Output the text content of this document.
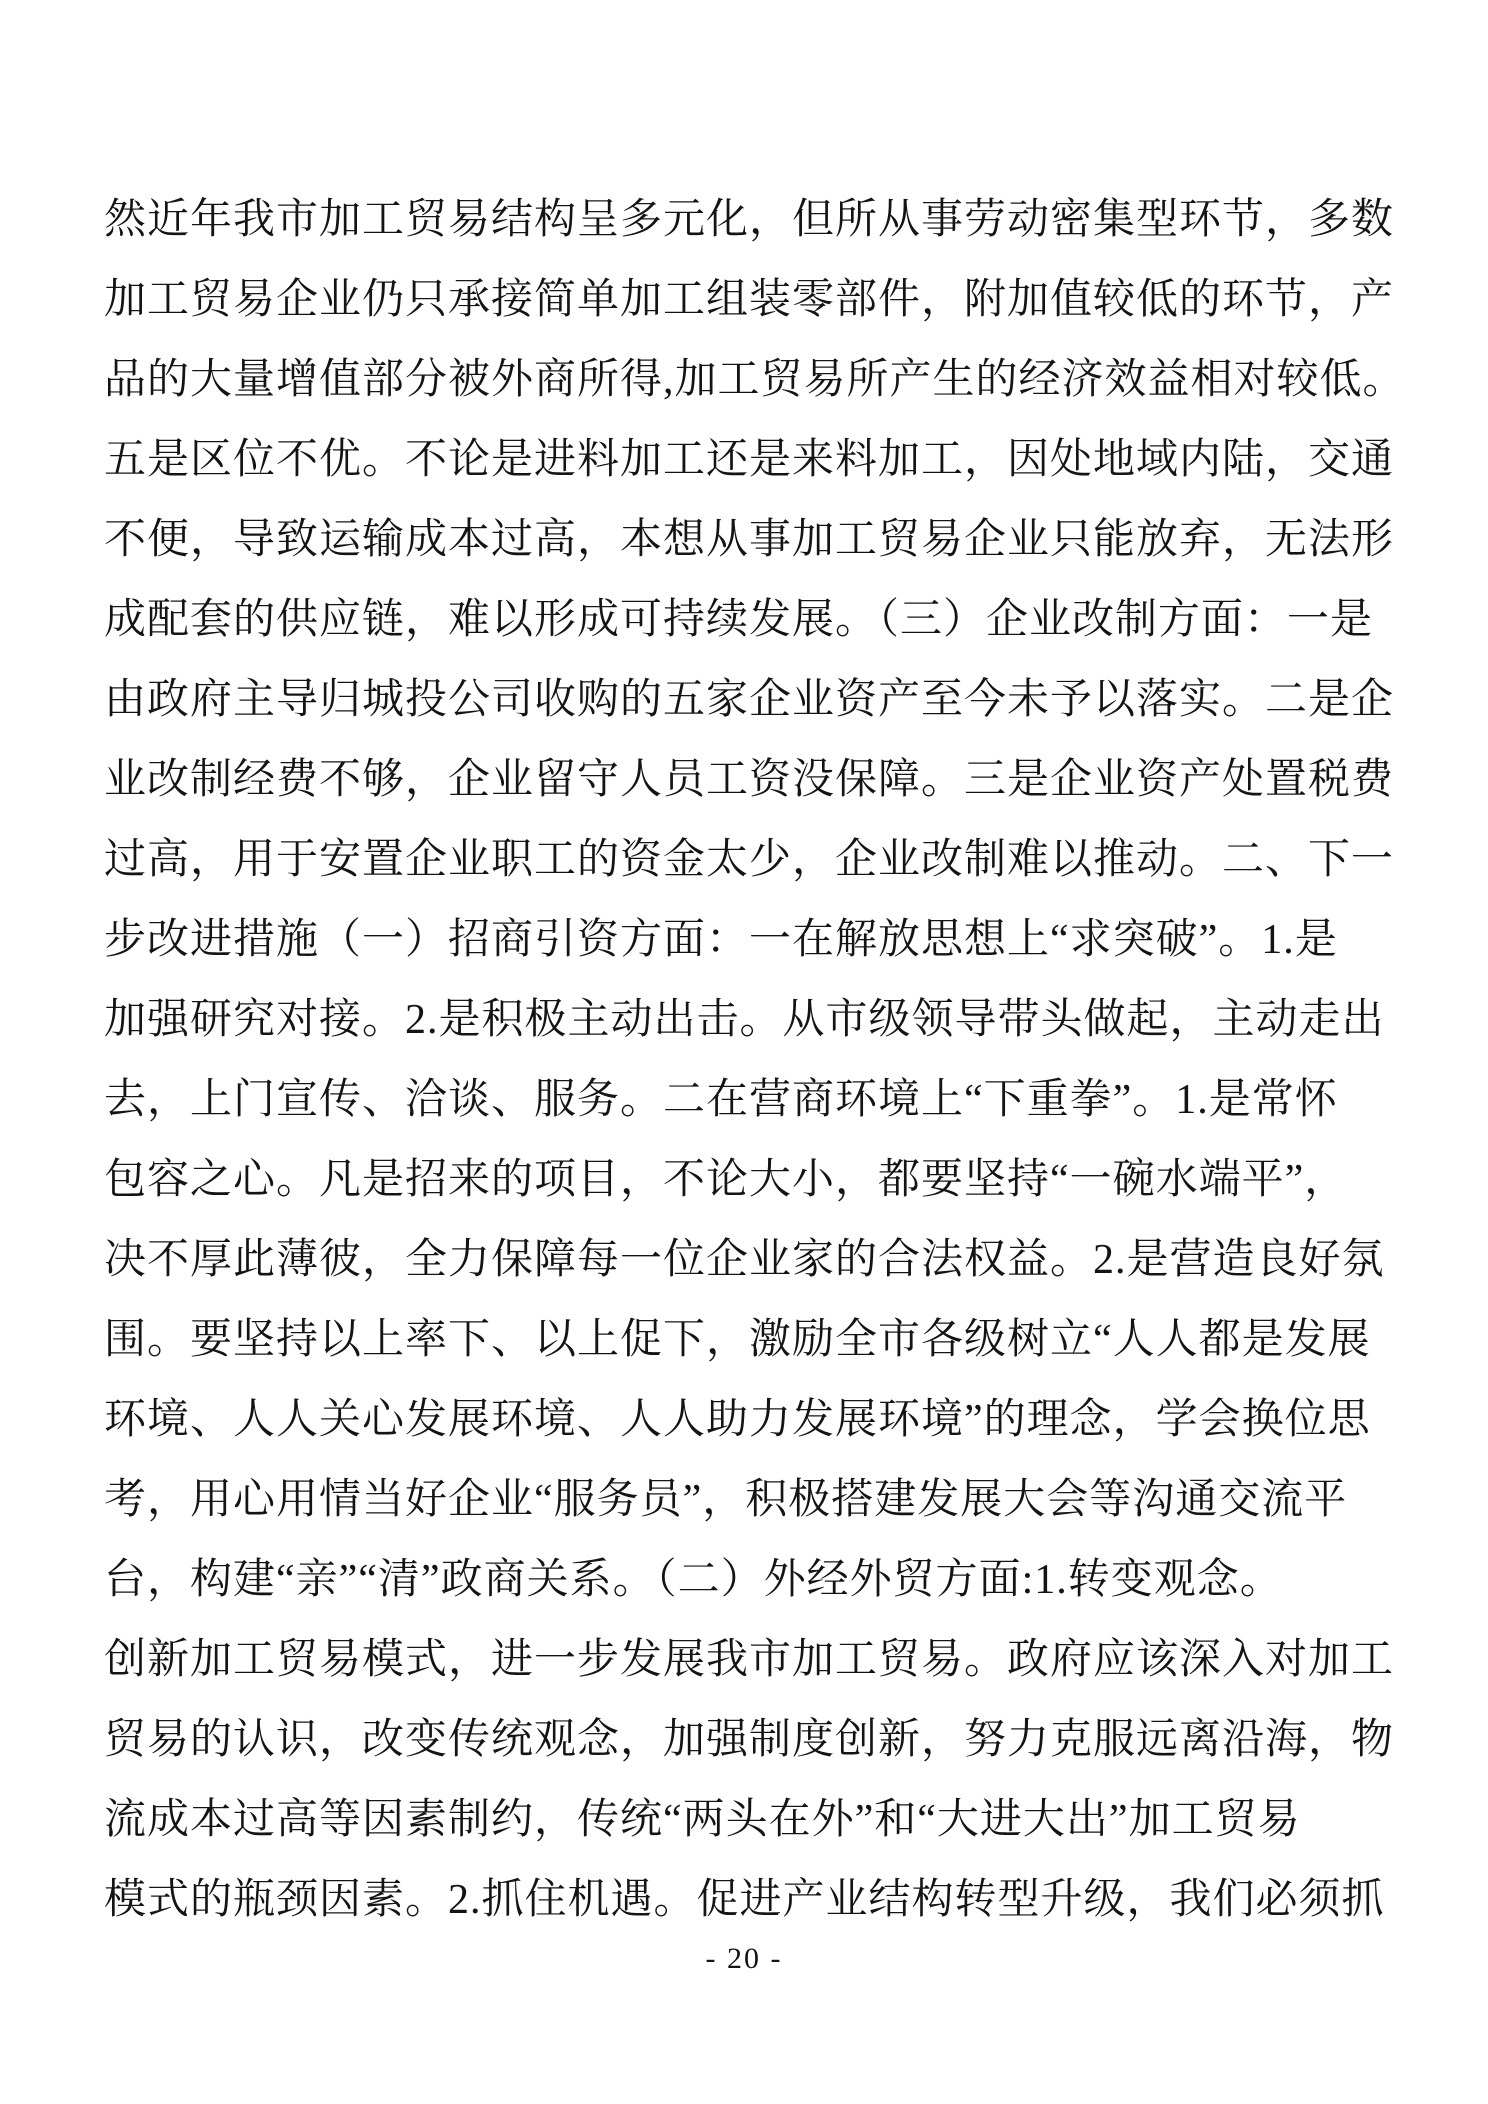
然近年我市加工贸易结构呈多元化，但所从事劳动密集型环节，多数
加工贸易企业仍只承接简单加工组装零部件，附加值较低的环节，产
品的大量增值部分被外商所得,加工贸易所产生的经济效益相对较低。
五是区位不优。不论是进料加工还是来料加工，因处地域内陆，交通
不便，导致运输成本过高，本想从事加工贸易企业只能放弃，无法形
成配套的供应链，难以形成可持续发展。（三）企业改制方面：一是
由政府主导归城投公司收购的五家企业资产至今未予以落实。二是企
业改制经费不够，企业留守人员工资没保障。三是企业资产处置税费
过高，用于安置企业职工的资金太少，企业改制难以推动。二、下一
步改进措施（一）招商引资方面：一在解放思想上“求突破”。1.是
加强研究对接。2.是积极主动出击。从市级领导带头做起，主动走出
去，上门宣传、洽谈、服务。二在营商环境上“下重拳”。1.是常怀
包容之心。凡是招来的项目，不论大小，都要坚持“一碗水端平”，
决不厚此薄彼，全力保障每一位企业家的合法权益。2.是营造良好氛
围。要坚持以上率下、以上促下，激励全市各级树立“人人都是发展
环境、人人关心发展环境、人人助力发展环境”的理念，学会换位思
考，用心用情当好企业“服务员”，积极搭建发展大会等沟通交流平
台，构建“亲”“清”政商关系。（二）外经外贸方面:1.转变观念。
创新加工贸易模式，进一步发展我市加工贸易。政府应该深入对加工
贸易的认识，改变传统观念，加强制度创新，努力克服远离沿海，物
流成本过高等因素制约，传统“两头在外”和“大进大出”加工贸易
模式的瓶颈因素。2.抓住机遇。促进产业结构转型升级，我们必须抓
- 20 -
